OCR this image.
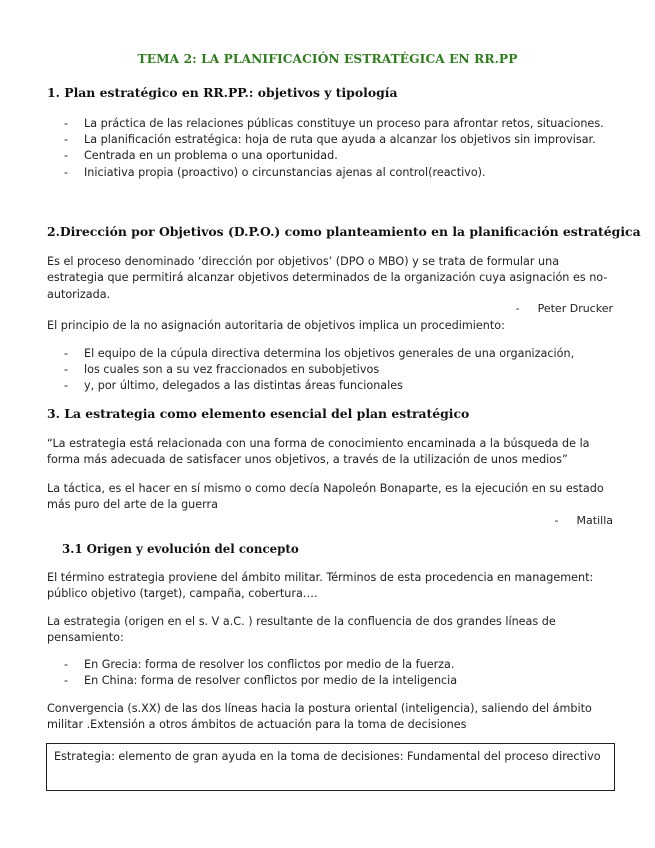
TEMA 2: LA PLANIFICACIÓN ESTRATÉGICA EN RR.PP
1. Plan estratégico en RR.PP.: objetivos y tipología
- La práctica de las relaciones públicas constituye un proceso para afrontar retos, situaciones.
- La planificación estratégica: hoja de ruta que ayuda a alcanzar los objetivos sin improvisar.
- Centrada en un problema o una oportunidad.
- Iniciativa propia (proactivo) o circunstancias ajenas al control(reactivo).
2.Dirección por Objetivos (D.P.O.) como planteamiento en la planificación estratégica
Es el proceso denominado ‘dirección por objetivos’ (DPO o MBO) y se trata de formular una estrategia que permitirá alcanzar objetivos determinados de la organización cuya asignación es no-autorizada.
- Peter Drucker
El principio de la no asignación autoritaria de objetivos implica un procedimiento:
- El equipo de la cúpula directiva determina los objetivos generales de una organización,
- los cuales son a su vez fraccionados en subobjetivos
- y, por último, delegados a las distintas áreas funcionales
3. La estrategia como elemento esencial del plan estratégico
“La estrategia está relacionada con una forma de conocimiento encaminada a la búsqueda de la forma más adecuada de satisfacer unos objetivos, a través de la utilización de unos medios”
La táctica, es el hacer en sí mismo o como decía Napoleón Bonaparte, es la ejecución en su estado más puro del arte de la guerra
- Matilla
3.1 Origen y evolución del concepto
El término estrategia proviene del ámbito militar. Términos de esta procedencia en management: público objetivo (target), campaña, cobertura….
La estrategia (origen en el s. V a.C. ) resultante de la confluencia de dos grandes líneas de pensamiento:
- En Grecia: forma de resolver los conflictos por medio de la fuerza.
- En China: forma de resolver conflictos por medio de la inteligencia
Convergencia (s.XX) de las dos líneas hacia la postura oriental (inteligencia), saliendo del ámbito militar .Extensión a otros ámbitos de actuación para la toma de decisiones
Estrategia: elemento de gran ayuda en la toma de decisiones: Fundamental del proceso directivo
